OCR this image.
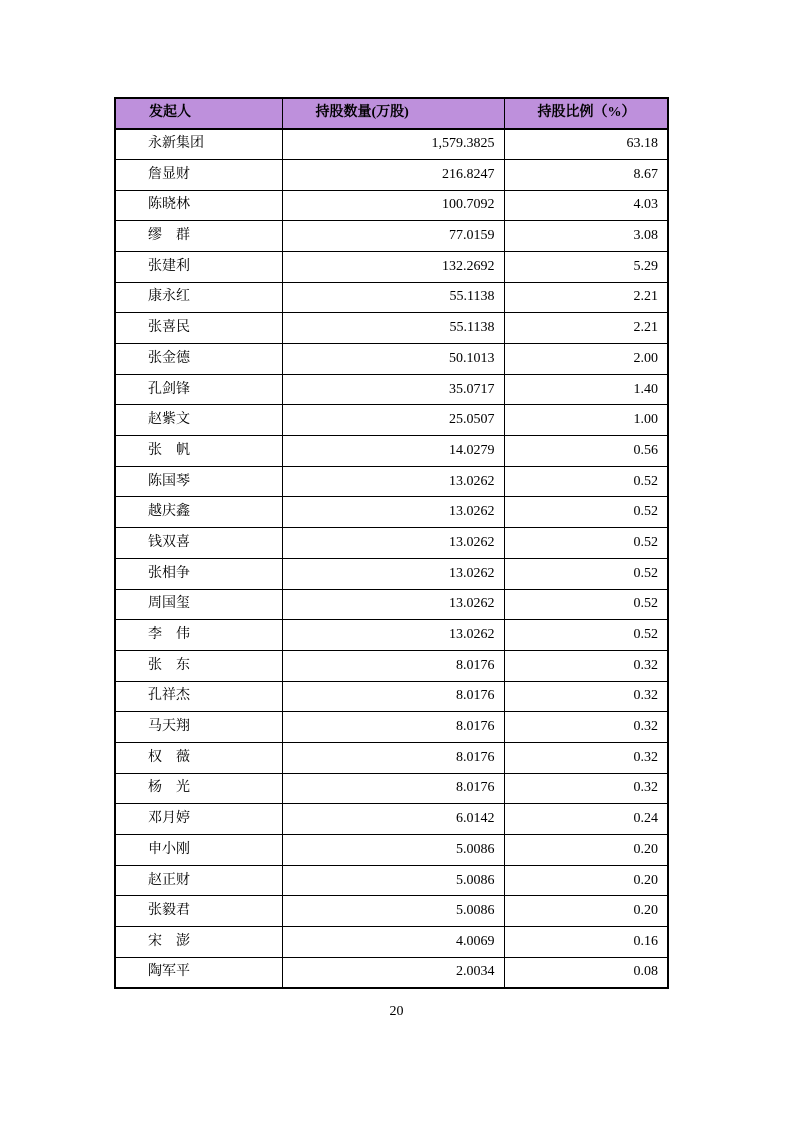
发起人	持股数量(万股)	持股比例（%）
永新集团	1,579.3825	63.18
詹显财	216.8247	8.67
陈晓林	100.7092	4.03
缪　群	77.0159	3.08
张建利	132.2692	5.29
康永红	55.1138	2.21
张喜民	55.1138	2.21
张金德	50.1013	2.00
孔剑锋	35.0717	1.40
赵紫文	25.0507	1.00
张　帆	14.0279	0.56
陈国琴	13.0262	0.52
越庆鑫	13.0262	0.52
钱双喜	13.0262	0.52
张相争	13.0262	0.52
周国玺	13.0262	0.52
李　伟	13.0262	0.52
张　东	8.0176	0.32
孔祥杰	8.0176	0.32
马天翔	8.0176	0.32
权　薇	8.0176	0.32
杨　光	8.0176	0.32
邓月婷	6.0142	0.24
申小刚	5.0086	0.20
赵正财	5.0086	0.20
张毅君	5.0086	0.20
宋　澎	4.0069	0.16
陶军平	2.0034	0.08
20
